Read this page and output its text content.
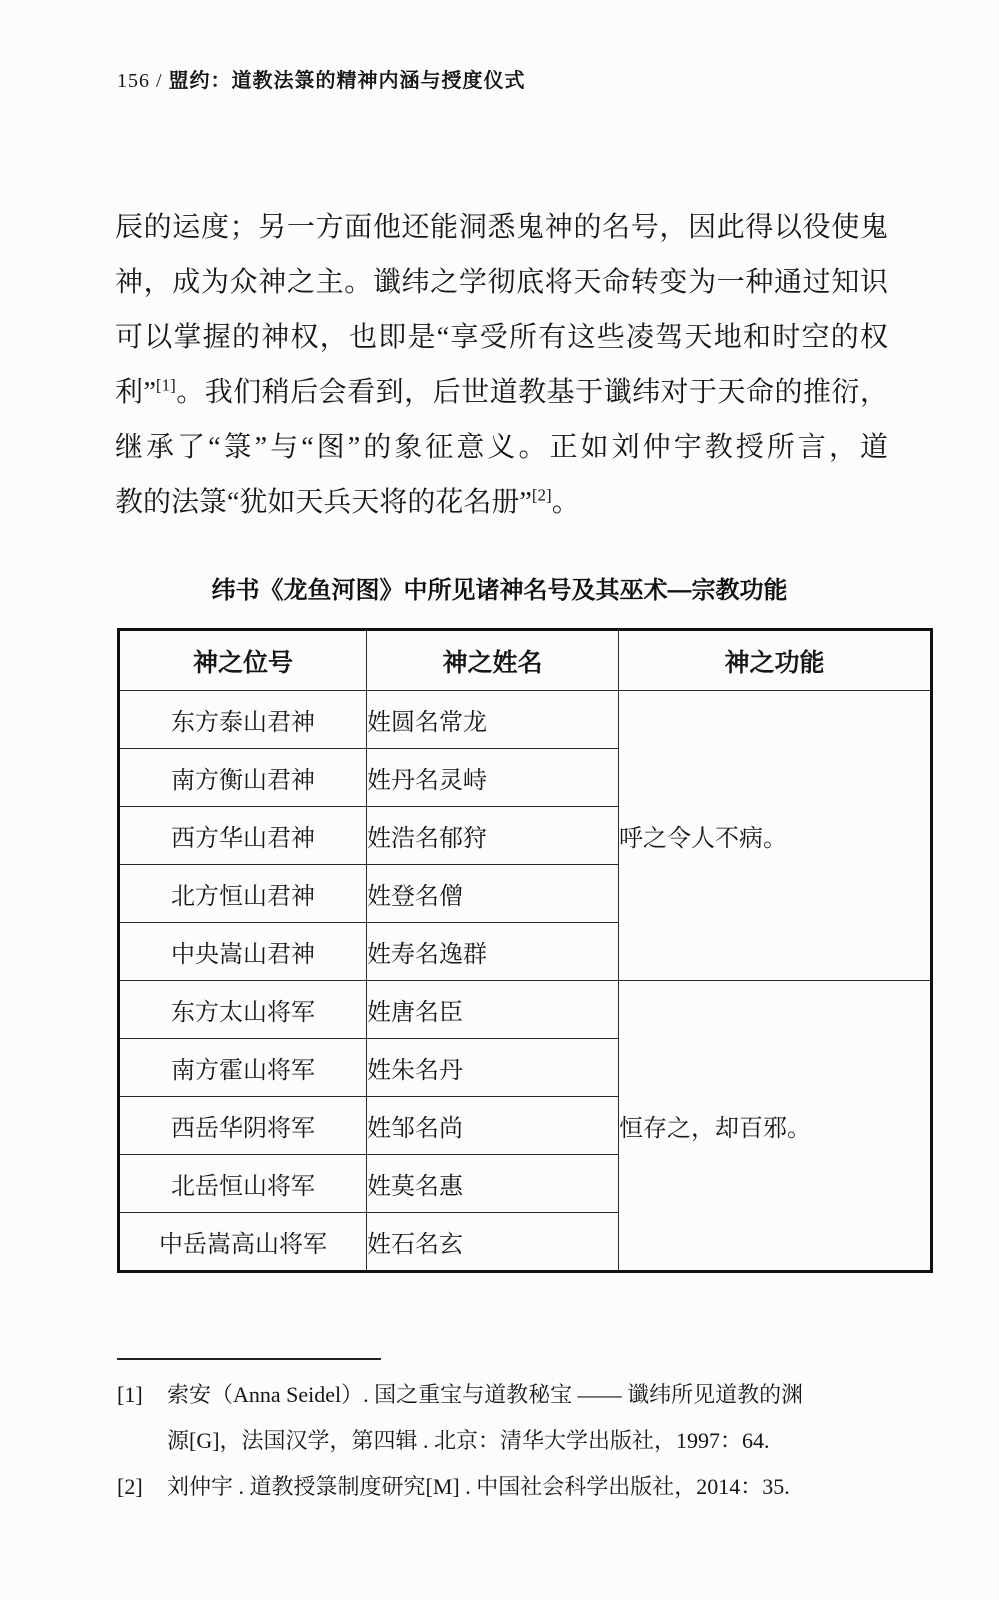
156 / 盟约：道教法箓的精神内涵与授度仪式
辰的运度；另一方面他还能洞悉鬼神的名号，因此得以役使鬼
神，成为众神之主。谶纬之学彻底将天命转变为一种通过知识
可以掌握的神权，也即是“享受所有这些凌驾天地和时空的权
利”[1]。我们稍后会看到，后世道教基于谶纬对于天命的推衍，
继承了“箓”与“图”的象征意义。正如刘仲宇教授所言，道
教的法箓“犹如天兵天将的花名册”[2]。
纬书《龙鱼河图》中所见诸神名号及其巫术—宗教功能
神之位号	神之姓名	神之功能
东方泰山君神	姓圆名常龙	呼之令人不病。
南方衡山君神	姓丹名灵峙	
西方华山君神	姓浩名郁狩	
北方恒山君神	姓登名僧	
中央嵩山君神	姓寿名逸群	
东方太山将军	姓唐名臣	恒存之，却百邪。
南方霍山将军	姓朱名丹	
西岳华阴将军	姓邹名尚	
北岳恒山将军	姓莫名惠	
中岳嵩高山将军	姓石名玄	
[1] 索安（Anna Seidel）. 国之重宝与道教秘宝 —— 谶纬所见道教的渊
源[G]，法国汉学，第四辑 . 北京：清华大学出版社，1997：64.
[2] 刘仲宇 . 道教授箓制度研究[M] . 中国社会科学出版社，2014：35.
